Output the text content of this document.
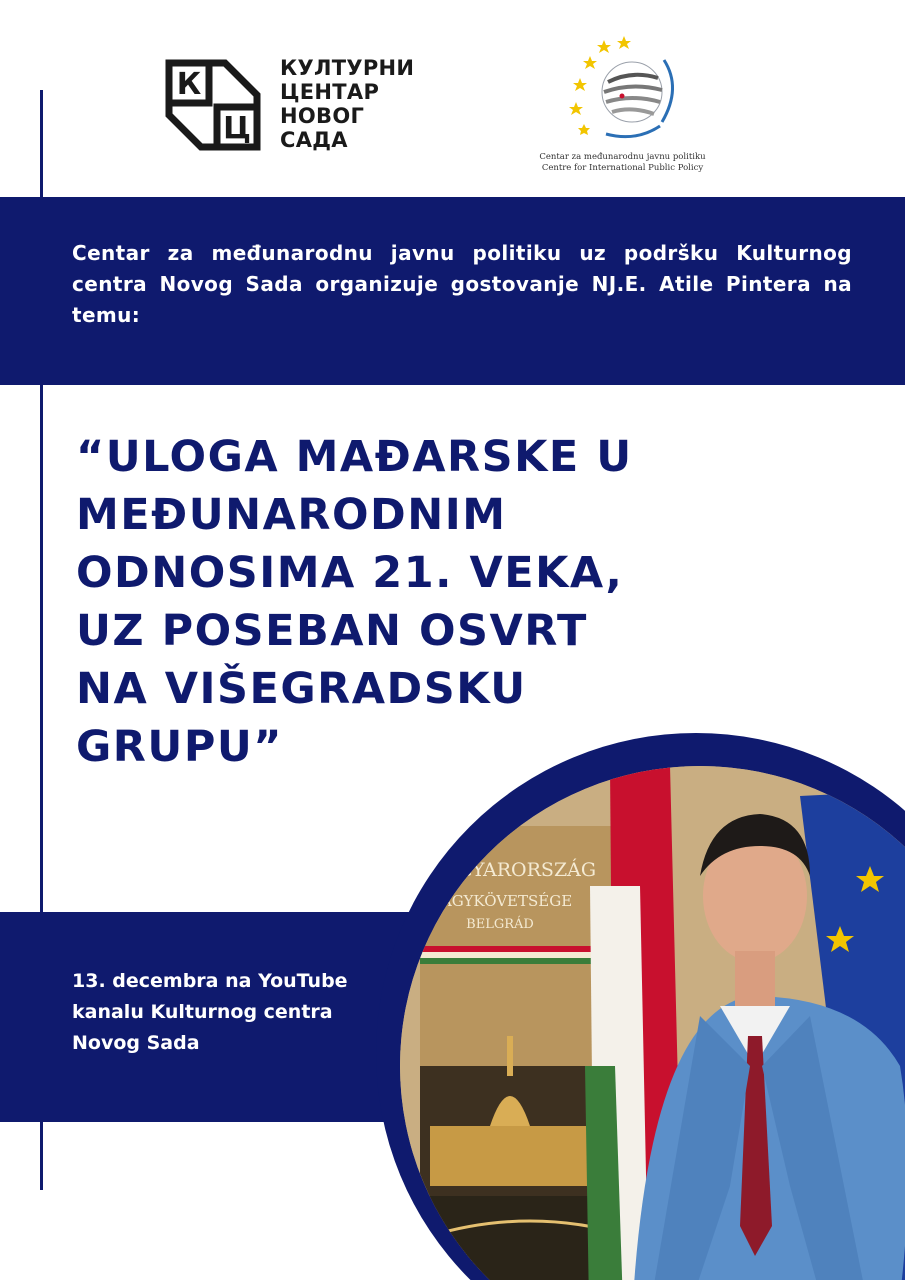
К
Ц
КУЛТУРНИ
ЦЕНТАР
НОВОГ
САДА
Centar za međunarodnu javnu politiku
Centre for International Public Policy

Centar za međunarodnu javnu politiku uz podršku Kulturnog centra Novog Sada organizuje gostovanje NJ.E. Atile Pintera na temu:

“ULOGA MAĐARSKE U
MEĐUNARODNIM
ODNOSIMA 21. VEKA,
UZ POSEBAN OSVRT
NA VIŠEGRADSKU
GRUPU”
13. decembra na YouTube
kanalu Kulturnog centra
Novog Sada
MAGYARORSZÁG
NAGYKÖVETSÉGE
BELGRÁD
